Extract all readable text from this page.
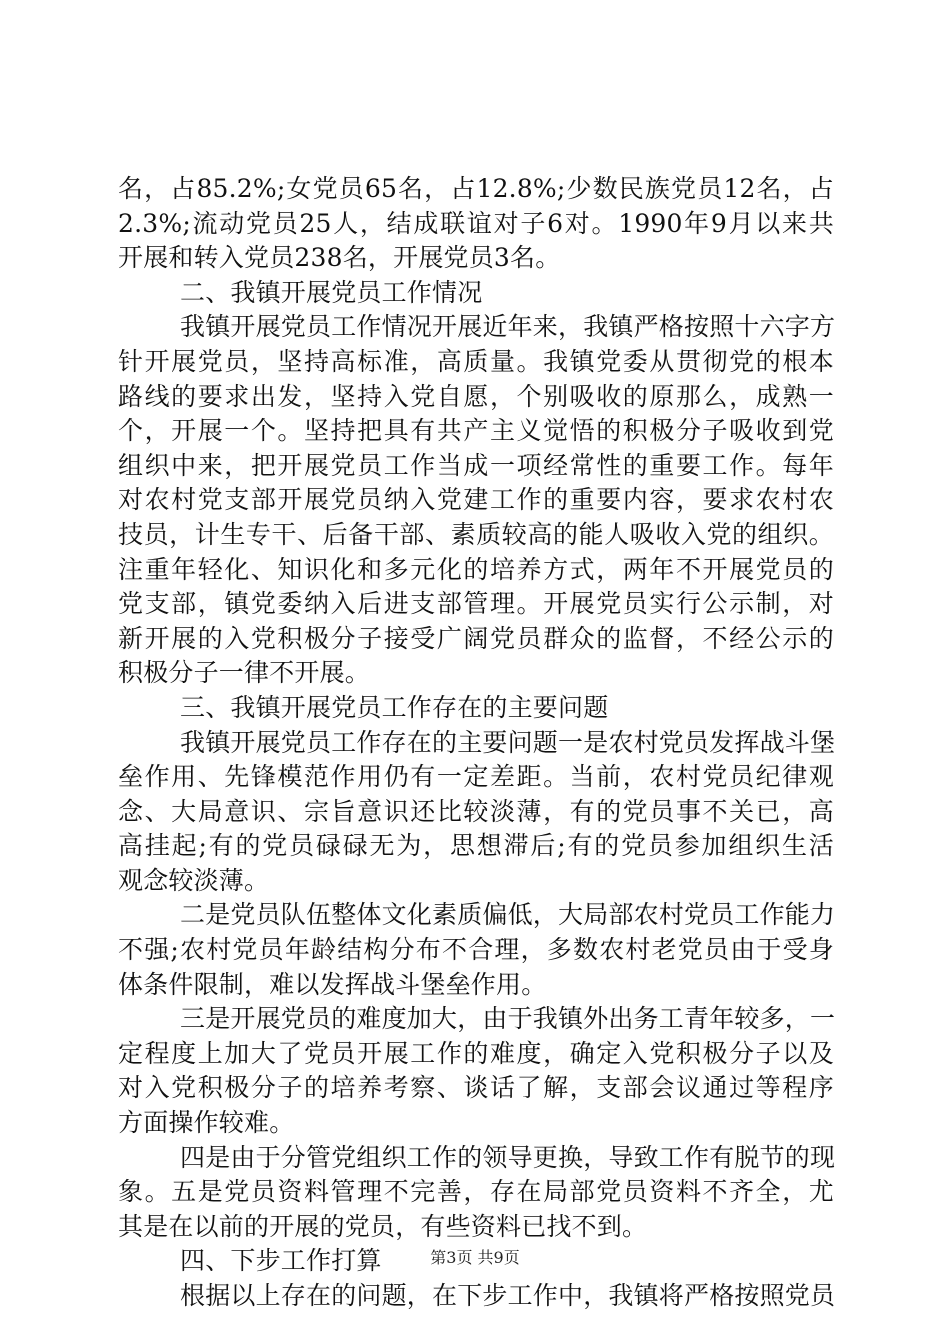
名，占85.2%;女党员65名，占12.8%;少数民族党员12名，占
2.3%;流动党员25人，结成联谊对子6对。1990年9月以来共
开展和转入党员238名，开展党员3名。
二、我镇开展党员工作情况
我镇开展党员工作情况开展近年来，我镇严格按照十六字方
针开展党员，坚持高标准，高质量。我镇党委从贯彻党的根本
路线的要求出发，坚持入党自愿，个别吸收的原那么，成熟一
个，开展一个。坚持把具有共产主义觉悟的积极分子吸收到党
组织中来，把开展党员工作当成一项经常性的重要工作。每年
对农村党支部开展党员纳入党建工作的重要内容，要求农村农
技员，计生专干、后备干部、素质较高的能人吸收入党的组织。
注重年轻化、知识化和多元化的培养方式，两年不开展党员的
党支部，镇党委纳入后进支部管理。开展党员实行公示制，对
新开展的入党积极分子接受广阔党员群众的监督，不经公示的
积极分子一律不开展。
三、我镇开展党员工作存在的主要问题
我镇开展党员工作存在的主要问题一是农村党员发挥战斗堡
垒作用、先锋模范作用仍有一定差距。当前，农村党员纪律观
念、大局意识、宗旨意识还比较淡薄，有的党员事不关已，高
高挂起;有的党员碌碌无为，思想滞后;有的党员参加组织生活
观念较淡薄。
二是党员队伍整体文化素质偏低，大局部农村党员工作能力
不强;农村党员年龄结构分布不合理，多数农村老党员由于受身
体条件限制，难以发挥战斗堡垒作用。
三是开展党员的难度加大，由于我镇外出务工青年较多，一
定程度上加大了党员开展工作的难度，确定入党积极分子以及
对入党积极分子的培养考察、谈话了解，支部会议通过等程序
方面操作较难。
四是由于分管党组织工作的领导更换，导致工作有脱节的现
象。五是党员资料管理不完善，存在局部党员资料不齐全，尤
其是在以前的开展的党员，有些资料已找不到。
四、下步工作打算
根据以上存在的问题，在下步工作中，我镇将严格按照党员
第3页 共9页
